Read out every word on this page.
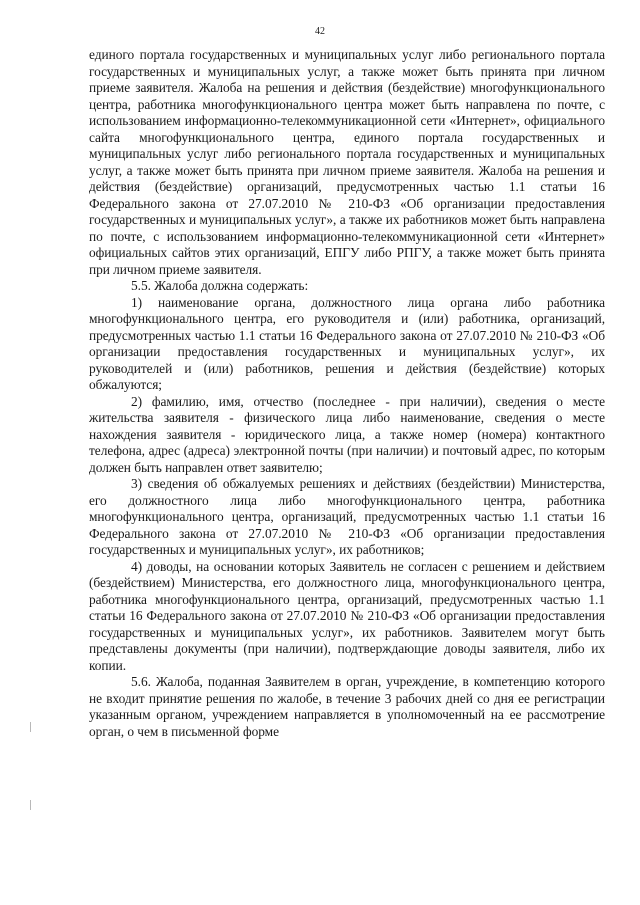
42

единого портала государственных и муниципальных услуг либо регионального портала государственных и муниципальных услуг, а также может быть принята при личном приеме заявителя. Жалоба на решения и действия (бездействие) многофункционального центра, работника многофункционального центра может быть направлена по почте, с использованием информационно-телекоммуникационной сети «Интернет», официального сайта многофункционального центра, единого портала государственных и муниципальных услуг либо регионального портала государственных и муниципальных услуг, а также может быть принята при личном приеме заявителя. Жалоба на решения и действия (бездействие) организаций, предусмотренных частью 1.1 статьи 16 Федерального закона от 27.07.2010 № 210-ФЗ «Об организации предоставления государственных и муниципальных услуг», а также их работников может быть направлена по почте, с использованием информационно-телекоммуникационной сети «Интернет» официальных сайтов этих организаций, ЕПГУ либо РПГУ, а также может быть принята при личном приеме заявителя.

5.5. Жалоба должна содержать:

1) наименование органа, должностного лица органа либо работника многофункционального центра, его руководителя и (или) работника, организаций, предусмотренных частью 1.1 статьи 16 Федерального закона от 27.07.2010 № 210-ФЗ «Об организации предоставления государственных и муниципальных услуг», их руководителей и (или) работников, решения и действия (бездействие) которых обжалуются;

2) фамилию, имя, отчество (последнее - при наличии), сведения о месте жительства заявителя - физического лица либо наименование, сведения о месте нахождения заявителя - юридического лица, а также номер (номера) контактного телефона, адрес (адреса) электронной почты (при наличии) и почтовый адрес, по которым должен быть направлен ответ заявителю;

3) сведения об обжалуемых решениях и действиях (бездействии) Министерства, его должностного лица либо многофункционального центра, работника многофункционального центра, организаций, предусмотренных частью 1.1 статьи 16 Федерального закона от 27.07.2010 № 210-ФЗ «Об организации предоставления государственных и муниципальных услуг», их работников;

4) доводы, на основании которых Заявитель не согласен с решением и действием (бездействием) Министерства, его должностного лица, многофункционального центра, работника многофункционального центра, организаций, предусмотренных частью 1.1 статьи 16 Федерального закона от 27.07.2010 № 210-ФЗ «Об организации предоставления государственных и муниципальных услуг», их работников. Заявителем могут быть представлены документы (при наличии), подтверждающие доводы заявителя, либо их копии.

5.6. Жалоба, поданная Заявителем в орган, учреждение, в компетенцию которого не входит принятие решения по жалобе, в течение 3 рабочих дней со дня ее регистрации указанным органом, учреждением направляется в уполномоченный на ее рассмотрение орган, о чем в письменной форме
